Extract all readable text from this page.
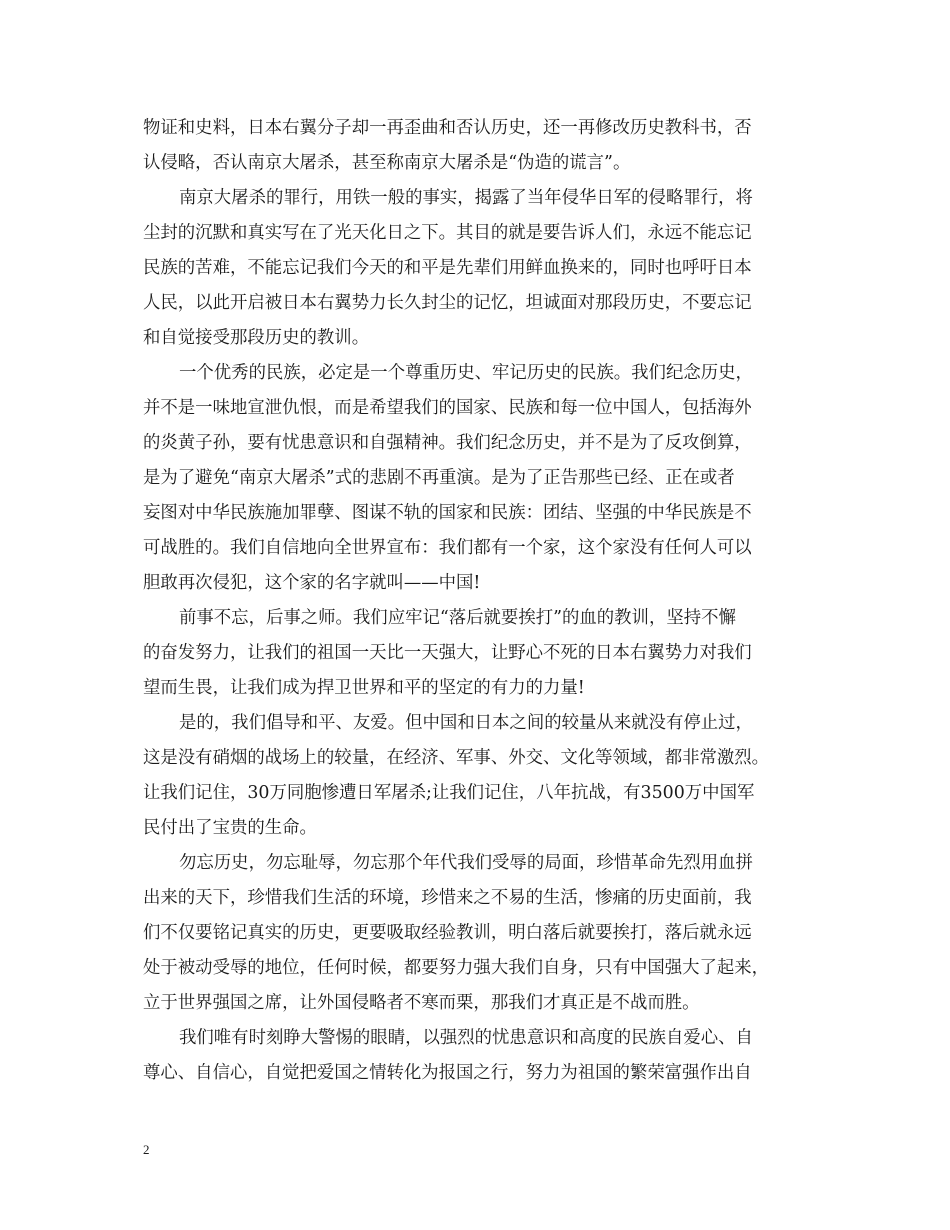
物证和史料，日本右翼分子却一再歪曲和否认历史，还一再修改历史教科书，否
认侵略，否认南京大屠杀，甚至称南京大屠杀是“伪造的谎言”。
南京大屠杀的罪行，用铁一般的事实，揭露了当年侵华日军的侵略罪行，将
尘封的沉默和真实写在了光天化日之下。其目的就是要告诉人们，永远不能忘记
民族的苦难，不能忘记我们今天的和平是先辈们用鲜血换来的，同时也呼吁日本
人民，以此开启被日本右翼势力长久封尘的记忆，坦诚面对那段历史，不要忘记
和自觉接受那段历史的教训。
一个优秀的民族，必定是一个尊重历史、牢记历史的民族。我们纪念历史，
并不是一味地宣泄仇恨，而是希望我们的国家、民族和每一位中国人，包括海外
的炎黄子孙，要有忧患意识和自强精神。我们纪念历史，并不是为了反攻倒算，
是为了避免“南京大屠杀”式的悲剧不再重演。是为了正告那些已经、正在或者
妄图对中华民族施加罪孽、图谋不轨的国家和民族：团结、坚强的中华民族是不
可战胜的。我们自信地向全世界宣布：我们都有一个家，这个家没有任何人可以
胆敢再次侵犯，这个家的名字就叫——中国!
前事不忘，后事之师。我们应牢记“落后就要挨打”的血的教训，坚持不懈
的奋发努力，让我们的祖国一天比一天强大，让野心不死的日本右翼势力对我们
望而生畏，让我们成为捍卫世界和平的坚定的有力的力量!
是的，我们倡导和平、友爱。但中国和日本之间的较量从来就没有停止过，
这是没有硝烟的战场上的较量，在经济、军事、外交、文化等领域，都非常激烈。
让我们记住，30万同胞惨遭日军屠杀;让我们记住，八年抗战，有3500万中国军
民付出了宝贵的生命。
勿忘历史，勿忘耻辱，勿忘那个年代我们受辱的局面，珍惜革命先烈用血拼
出来的天下，珍惜我们生活的环境，珍惜来之不易的生活，惨痛的历史面前，我
们不仅要铭记真实的历史，更要吸取经验教训，明白落后就要挨打，落后就永远
处于被动受辱的地位，任何时候，都要努力强大我们自身，只有中国强大了起来，
立于世界强国之席，让外国侵略者不寒而栗，那我们才真正是不战而胜。
我们唯有时刻睁大警惕的眼睛，以强烈的忧患意识和高度的民族自爱心、自
尊心、自信心，自觉把爱国之情转化为报国之行，努力为祖国的繁荣富强作出自
2
